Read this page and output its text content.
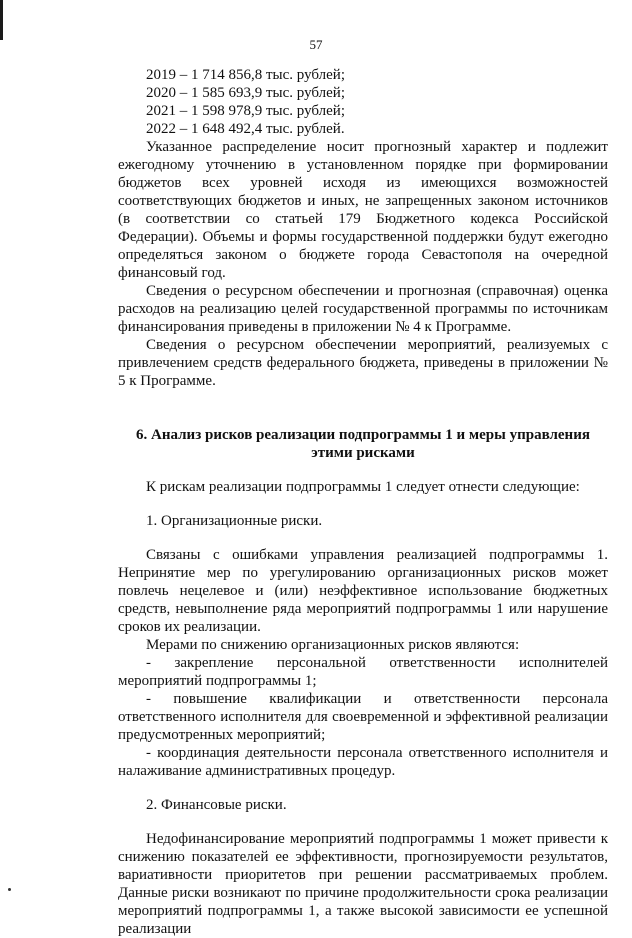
57

2019 – 1 714 856,8 тыс. рублей;

2020 – 1 585 693,9 тыс. рублей;

2021 – 1 598 978,9 тыс. рублей;

2022 – 1 648 492,4 тыс. рублей.

Указанное распределение носит прогнозный характер и подлежит ежегодному уточнению в установленном порядке при формировании бюджетов всех уровней исходя из имеющихся возможностей соответствующих бюджетов и иных, не запрещенных законом источников (в соответствии со статьей 179 Бюджетного кодекса Российской Федерации). Объемы и формы государственной поддержки будут ежегодно определяться законом о бюджете города Севастополя на очередной финансовый год.

Сведения о ресурсном обеспечении и прогнозная (справочная) оценка расходов на реализацию целей государственной программы по источникам финансирования приведены в приложении № 4 к Программе.

Сведения о ресурсном обеспечении мероприятий, реализуемых с привлечением средств федерального бюджета, приведены в приложении № 5 к Программе.

6. Анализ рисков реализации подпрограммы 1 и меры управления этими рисками

К рискам реализации подпрограммы 1 следует отнести следующие:

1. Организационные риски.

Связаны с ошибками управления реализацией подпрограммы 1. Непринятие мер по урегулированию организационных рисков может повлечь нецелевое и (или) неэффективное использование бюджетных средств, невыполнение ряда мероприятий подпрограммы 1 или нарушение сроков их реализации.

Мерами по снижению организационных рисков являются:

- закрепление персональной ответственности исполнителей мероприятий подпрограммы 1;

- повышение квалификации и ответственности персонала ответственного исполнителя для своевременной и эффективной реализации предусмотренных мероприятий;

- координация деятельности персонала ответственного исполнителя и налаживание административных процедур.

2. Финансовые риски.

Недофинансирование мероприятий подпрограммы 1 может привести к снижению показателей ее эффективности, прогнозируемости результатов, вариативности приоритетов при решении рассматриваемых проблем. Данные риски возникают по причине продолжительности срока реализации мероприятий подпрограммы 1, а также высокой зависимости ее успешной реализации
